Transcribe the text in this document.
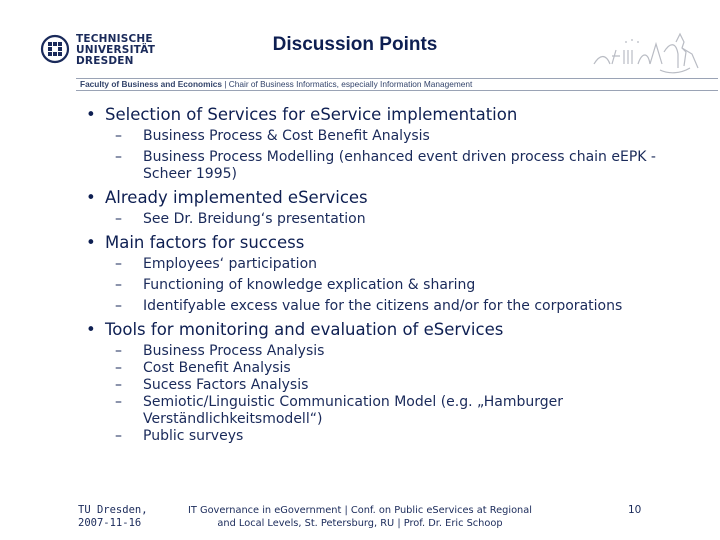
TECHNISCHE
UNIVERSITÄT
DRESDEN
Discussion Points
Faculty of Business and Economics | Chair of Business Informatics, especially Information Management
• Selection of Services for eService implementation
– Business Process & Cost Benefit Analysis
– Business Process Modelling (enhanced event driven process chain eEPK - Scheer 1995)
• Already implemented eServices
– See Dr. Breidung‘s presentation
• Main factors for success
– Employees‘ participation
– Functioning of knowledge explication & sharing
– Identifyable excess value for the citizens and/or for the corporations
• Tools for monitoring and evaluation of eServices
– Business Process Analysis
– Cost Benefit Analysis
– Sucess Factors Analysis
– Semiotic/Linguistic Communication Model (e.g. „Hamburger Verständlichkeitsmodell“)
– Public surveys
TU Dresden,
2007-11-16
IT Governance in eGovernment | Conf. on Public eServices at Regional
and Local Levels, St. Petersburg, RU | Prof. Dr. Eric Schoop
10
